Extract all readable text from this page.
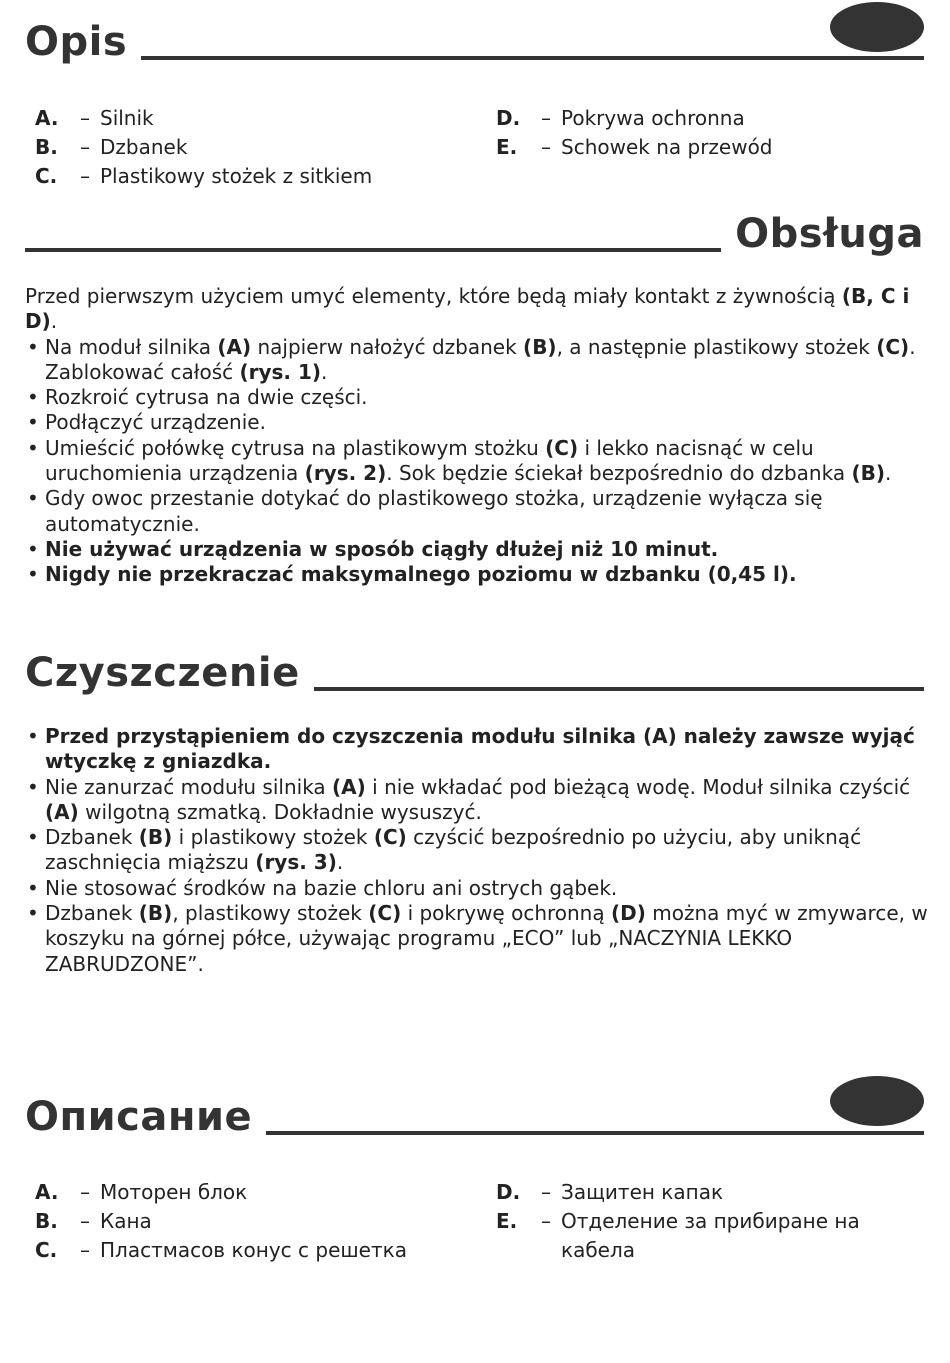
Opis
A.	– Silnik
B.	– Dzbanek
C.	– Plastikowy stożek z sitkiem
D.	– Pokrywa ochronna
E.	– Schowek na przewód
Obsługa

Przed pierwszym użyciem umyć elementy, które będą miały kontakt z żywnością (B, C i D).

• Na moduł silnika (A) najpierw nałożyć dzbanek (B), a następnie plastikowy stożek (C). Zablokować całość (rys. 1).
• Rozkroić cytrusa na dwie części.
• Podłączyć urządzenie.
• Umieścić połówkę cytrusa na plastikowym stożku (C) i lekko nacisnąć w celu uruchomienia urządzenia (rys. 2). Sok będzie ściekał bezpośrednio do dzbanka (B).
• Gdy owoc przestanie dotykać do plastikowego stożka, urządzenie wyłącza się automatycznie.
• Nie używać urządzenia w sposób ciągły dłużej niż 10 minut.
• Nigdy nie przekraczać maksymalnego poziomu w dzbanku (0,45 l).
Czyszczenie
• Przed przystąpieniem do czyszczenia modułu silnika (A) należy zawsze wyjąć wtyczkę z gniazdka.
• Nie zanurzać modułu silnika (A) i nie wkładać pod bieżącą wodę. Moduł silnika czyścić (A) wilgotną szmatką. Dokładnie wysuszyć.
• Dzbanek (B) i plastikowy stożek (C) czyścić bezpośrednio po użyciu, aby uniknąć zaschnięcia miąższu (rys. 3).
• Nie stosować środków na bazie chloru ani ostrych gąbek.
• Dzbanek (B), plastikowy stożek (C) i pokrywę ochronną (D) można myć w zmywarce, w koszyku na górnej półce, używając programu „ECO” lub „NACZYNIA LEKKO ZABRUDZONE”.
Описание
A.	– Моторен блок
B.	– Кана
C.	– Пластмасов конус с решетка
D.	– Защитен капак
E.	– Отделение за прибиране на кабела
